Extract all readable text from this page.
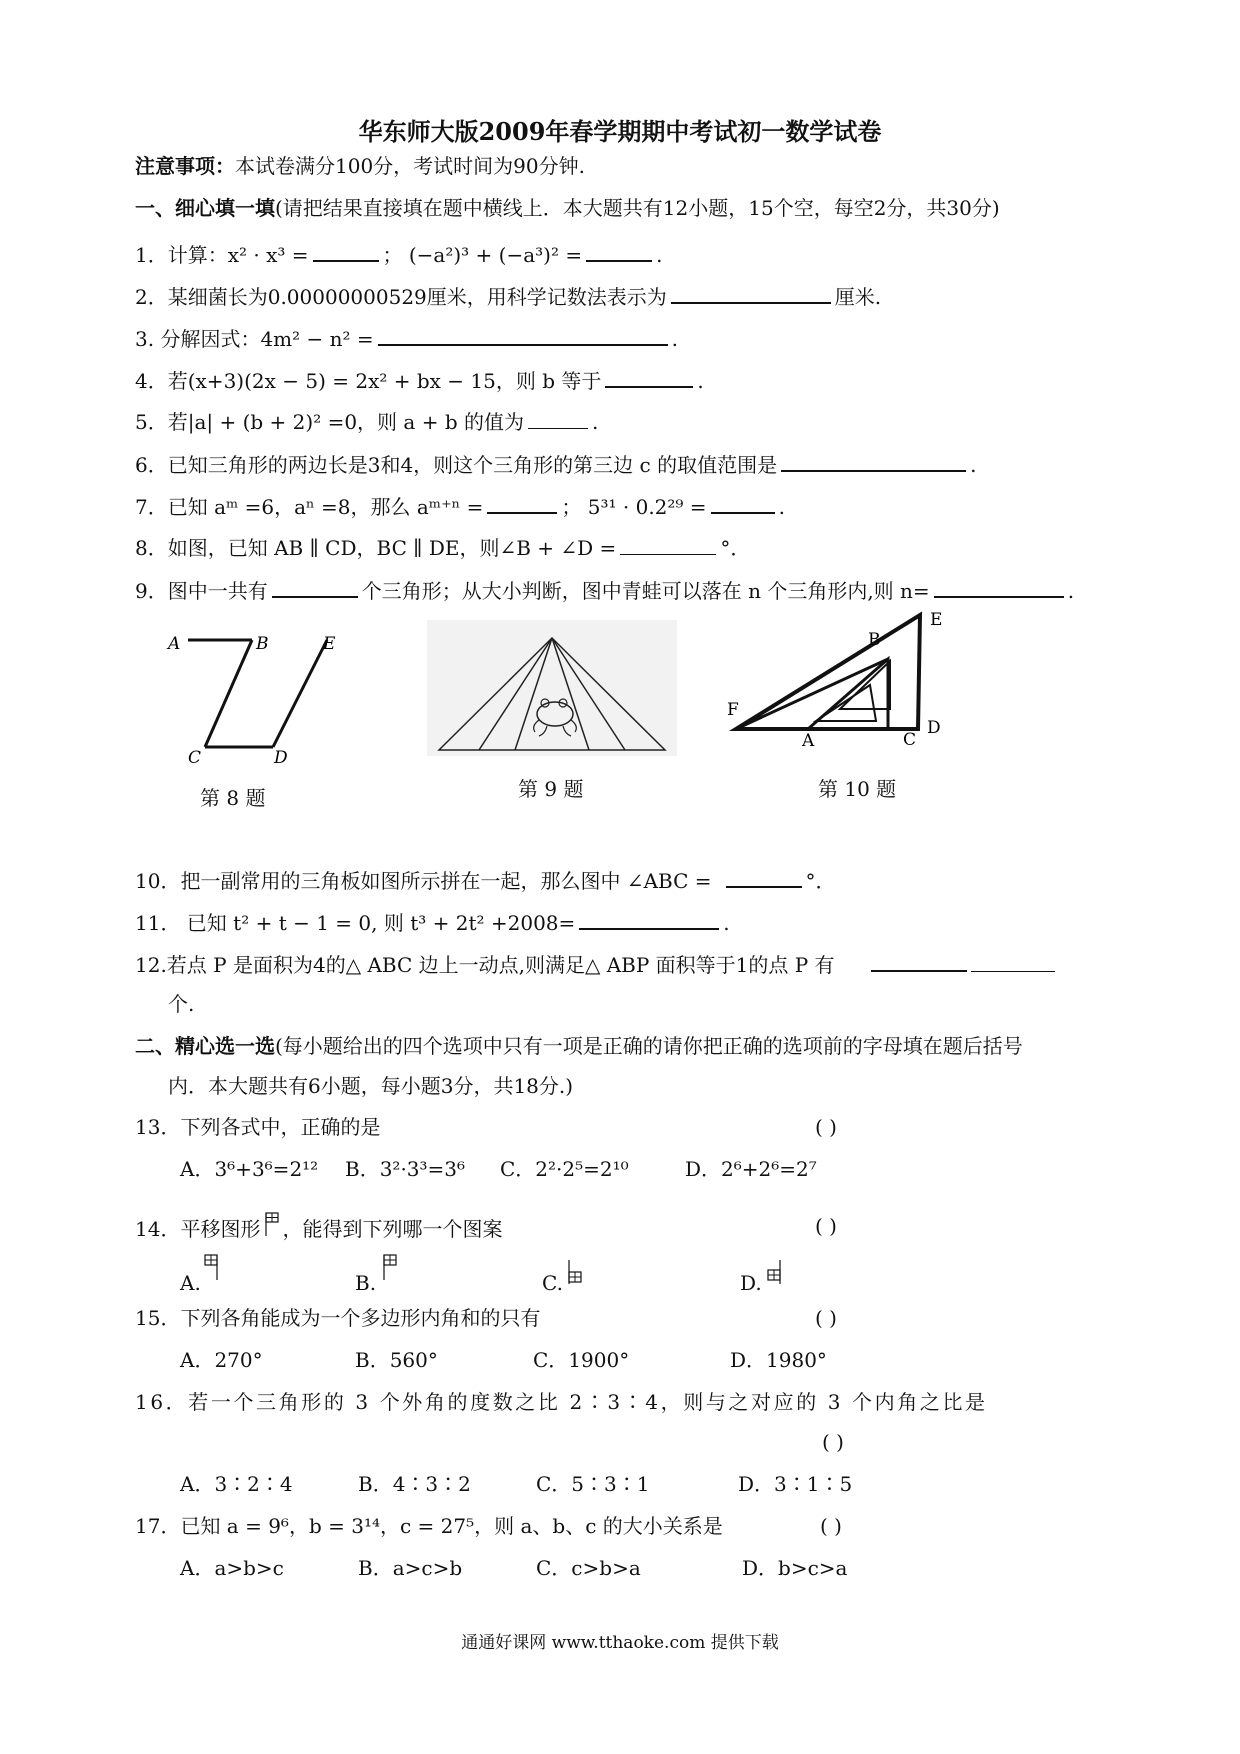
华东师大版2009年春学期期中考试初一数学试卷
注意事项：本试卷满分100分，考试时间为90分钟.
一、细心填一填(请把结果直接填在题中横线上．本大题共有12小题，15个空，每空2分，共30分)
1．计算：x² · x³ =	； (−a²)³ + (−a³)² =	.
2．某细菌长为0.00000000529厘米，用科学记数法表示为	厘米.
3. 分解因式：4m² − n² =	.
4．若(x+3)(2x − 5) = 2x² + bx − 15，则 b 等于	.
5．若|a| + (b + 2)² =0，则 a + b 的值为	.
6．已知三角形的两边长是3和4，则这个三角形的第三边 c 的取值范围是	.
7．已知 aᵐ =6，aⁿ =8，那么 aᵐ⁺ⁿ =	； 5³¹ · 0.2²⁹ =	.
8．如图，已知 AB ∥ CD，BC ∥ DE，则∠B + ∠D =	°．
9．图中一共有	个三角形；从大小判断，图中青蛙可以落在 n 个三角形内,则 n=	.
A	B
C	D
E
第 8 题	第 9 题
F
A
B
C
D
E
第 10 题
10．把一副常用的三角板如图所示拼在一起，那么图中 ∠ABC =	°．
11． 已知 t² + t − 1 = 0, 则 t³ + 2t² +2008=	.
12.若点 P 是面积为4的△ ABC 边上一动点,则满足△ ABP 面积等于1的点 P 有
个.
二、精心选一选(每小题给出的四个选项中只有一项是正确的请你把正确的选项前的字母填在题后括号
内．本大题共有6小题，每小题3分，共18分.)
13．下列各式中，正确的是	( )
A．3⁶+3⁶=2¹² B．3²·3³=3⁶ C．2²·2⁵=2¹⁰	D．2⁶+2⁶=2⁷
14．平移图形 ，能得到下列哪一个图案	( )
A.	B.	C.	D.
15．下列各角能成为一个多边形内角和的只有	( )
A．270°	B．560°	C．1900°	D．1980°
16．若一个三角形的 3 个外角的度数之比 2∶3∶4，则与之对应的 3 个内角之比是
( )
A．3∶2∶4	B．4∶3∶2	C．5∶3∶1	D．3∶1∶5
17．已知 a = 9⁶，b = 3¹⁴，c = 27⁵，则 a、b、c 的大小关系是	( )
A．a>b>c	B．a>c>b	C．c>b>a	D．b>c>a
通通好课网 www.tthaoke.com 提供下载
